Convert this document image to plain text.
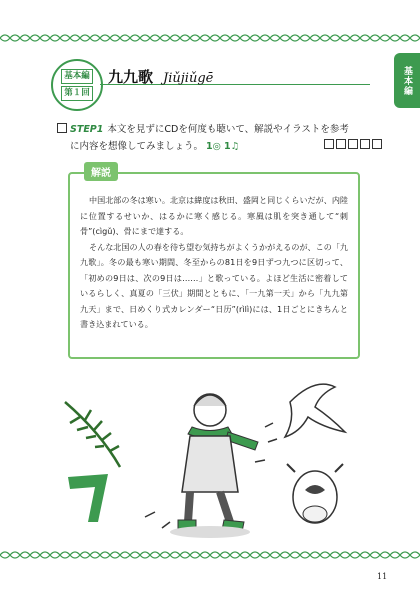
基本編
基本編
第１回
九九歌 Jiǔjiǔgē
STEP1 本文を見ずにCDを何度も聴いて、解説やイラストを参考
に内容を想像してみましょう。 1◎ 1♫
解説

中国北部の冬は寒い。北京は緯度は秋田、盛岡と同じくらいだが、内陸に位置するせいか、はるかに寒く感じる。寒風は肌を突き通して“刺骨”(cìgǔ)、骨にまで達する。

そんな北国の人の春を待ち望む気持ちがよくうかがえるのが、この「九九歌」。冬の最も寒い期間、冬至からの81日を9日ずつ九つに区切って、「初めの9日は、次の9日は……」と歌っている。よほど生活に密着しているらしく、真夏の「三伏」期間とともに、「一九第一天」から「九九第九天」まで、日めくり式カレンダー“日历”(rìlì)には、1日ごとにきちんと書き込まれている。

11
